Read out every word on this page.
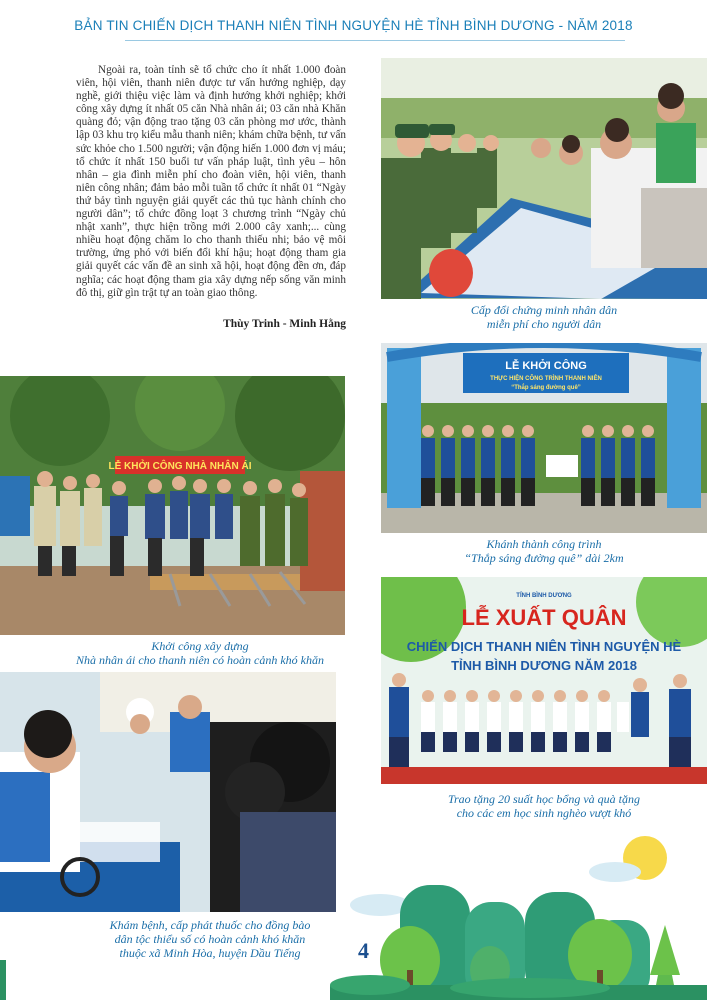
BẢN TIN CHIẾN DỊCH THANH NIÊN TÌNH NGUYỆN HÈ TỈNH BÌNH DƯƠNG - NĂM 2018

Ngoài ra, toàn tỉnh sẽ tổ chức cho ít nhất 1.000 đoàn viên, hội viên, thanh niên được tư vấn hướng nghiệp, dạy nghề, giới thiệu việc làm và định hướng khởi nghiệp; khởi công xây dựng ít nhất 05 căn Nhà nhân ái; 03 căn nhà Khăn quàng đỏ; vận động trao tặng 03 căn phòng mơ ước, thành lập 03 khu trọ kiểu mẫu thanh niên; khám chữa bệnh, tư vấn sức khỏe cho 1.500 người; vận động hiến 1.000 đơn vị máu; tổ chức ít nhất 150 buổi tư vấn pháp luật, tình yêu – hôn nhân – gia đình miễn phí cho đoàn viên, hội viên, thanh niên công nhân; đảm bảo mỗi tuần tổ chức ít nhất 01 “Ngày thứ bảy tình nguyện giải quyết các thủ tục hành chính cho người dân”; tổ chức đồng loạt 3 chương trình “Ngày chủ nhật xanh”, thực hiện trồng mới 2.000 cây xanh;... cùng nhiều hoạt động chăm lo cho thanh thiếu nhi; bảo vệ môi trường, ứng phó với biến đổi khí hậu; hoạt động tham gia giải quyết các vấn đề an sinh xã hội, hoạt động đền ơn, đáp nghĩa; các hoạt động tham gia xây dựng nếp sống văn minh đô thị, giữ gìn trật tự an toàn giao thông.

Thùy Trinh - Minh Hằng

Cấp đổi chứng minh nhân dân
miễn phí cho người dân

LỄ KHỞI CÔNG
THỰC HIỆN CÔNG TRÌNH THANH NIÊN
“Thắp sáng đường quê”

Khánh thành công trình
“Thắp sáng đường quê” dài 2km

LỄ KHỞI CÔNG NHÀ NHÂN ÁI

Khởi công xây dựng
Nhà nhân ái cho thanh niên có hoàn cảnh khó khăn

TỈNH BÌNH DƯƠNG
LỄ XUẤT QUÂN
CHIẾN DỊCH THANH NIÊN TÌNH NGUYỆN HÈ
TỈNH BÌNH DƯƠNG NĂM 2018

Trao tặng 20 suất học bổng và quà tặng
cho các em học sinh nghèo vượt khó

Khám bệnh, cấp phát thuốc cho đồng bào
dân tộc thiểu số có hoàn cảnh khó khăn
thuộc xã Minh Hòa, huyện Dầu Tiếng	4
